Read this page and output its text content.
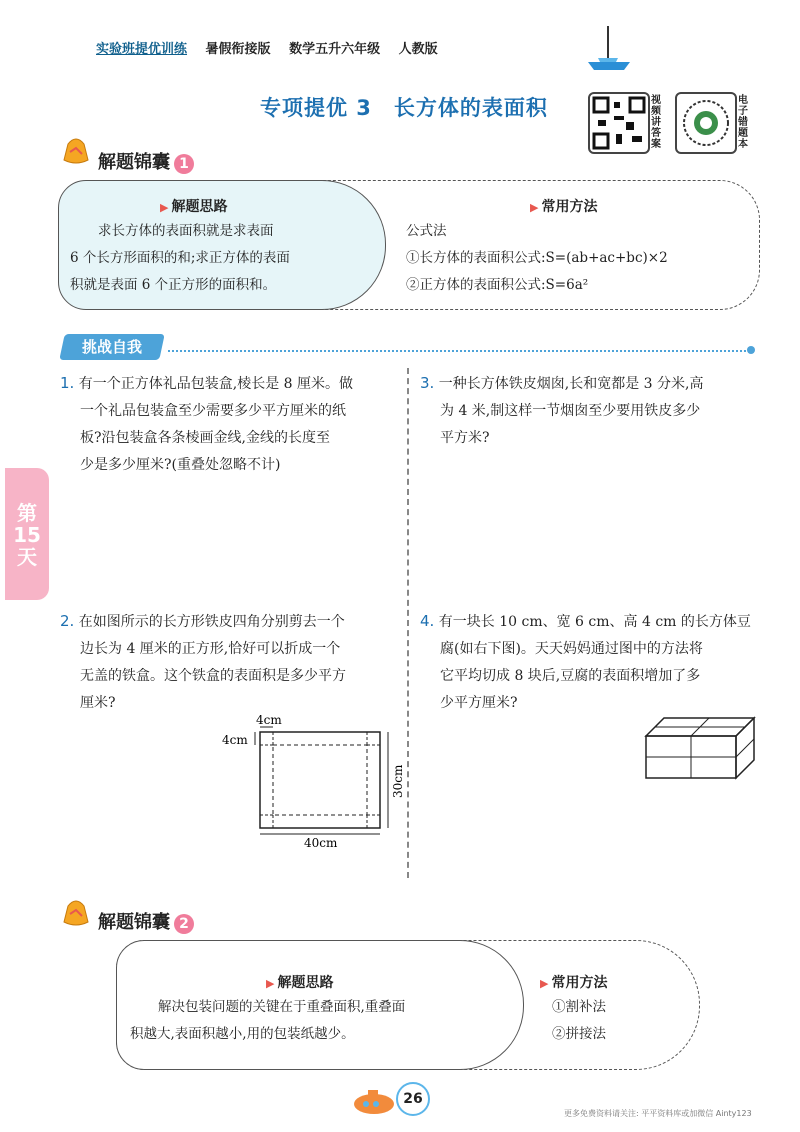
实验班提优训练 暑假衔接版 数学五升六年级 人教版
专项提优 3　长方体的表面积	视频讲答案
电子错题本
解题锦囊 1
▶ 解题思路
求长方体的表面积就是求表面
6 个长方形面积的和;求正方体的表面
积就是表面 6 个正方形的面积和。
▶ 常用方法
公式法
①长方体的表面积公式:S=(ab+ac+bc)×2
②正方体的表面积公式:S=6a²
挑战自我
第15天
1. 有一个正方体礼品包装盒,棱长是 8 厘米。做
一个礼品包装盒至少需要多少平方厘米的纸
板?沿包装盒各条棱画金线,金线的长度至
少是多少厘米?(重叠处忽略不计)
3. 一种长方体铁皮烟囱,长和宽都是 3 分米,高
为 4 米,制这样一节烟囱至少要用铁皮多少
平方米?
2. 在如图所示的长方形铁皮四角分别剪去一个
边长为 4 厘米的正方形,恰好可以折成一个
无盖的铁盒。这个铁盒的表面积是多少平方
厘米?
4. 有一块长 10 cm、宽 6 cm、高 4 cm 的长方体豆
腐(如右下图)。天天妈妈通过图中的方法将
它平均切成 8 块后,豆腐的表面积增加了多
少平方厘米?
4cm
4cm
30cm
40cm
解题锦囊 2
▶ 解题思路
解决包装问题的关键在于重叠面积,重叠面
积越大,表面积越小,用的包装纸越少。
▶ 常用方法
①割补法
②拼接法
26
更多免费资料请关注: 平平资料库或加微信 Ainty123
